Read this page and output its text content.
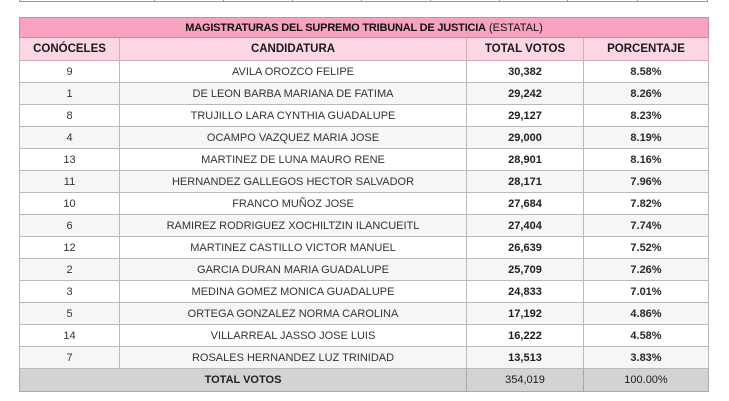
MAGISTRATURAS DEL SUPREMO TRIBUNAL DE JUSTICIA (ESTATAL)			
CONÓCELES	CANDIDATURA	TOTAL VOTOS	PORCENTAJE
9	AVILA OROZCO FELIPE	30,382	8.58%
1	DE LEON BARBA MARIANA DE FATIMA	29,242	8.26%
8	TRUJILLO LARA CYNTHIA GUADALUPE	29,127	8.23%
4	OCAMPO VAZQUEZ MARIA JOSE	29,000	8.19%
13	MARTINEZ DE LUNA MAURO RENE	28,901	8.16%
11	HERNANDEZ GALLEGOS HECTOR SALVADOR	28,171	7.96%
10	FRANCO MUÑOZ JOSE	27,684	7.82%
6	RAMIREZ RODRIGUEZ XOCHILTZIN ILANCUEITL	27,404	7.74%
12	MARTINEZ CASTILLO VICTOR MANUEL	26,639	7.52%
2	GARCIA DURAN MARIA GUADALUPE	25,709	7.26%
3	MEDINA GOMEZ MONICA GUADALUPE	24,833	7.01%
5	ORTEGA GONZALEZ NORMA CAROLINA	17,192	4.86%
14	VILLARREAL JASSO JOSE LUIS	16,222	4.58%
7	ROSALES HERNANDEZ LUZ TRINIDAD	13,513	3.83%
TOTAL VOTOS		354,019	100.00%
